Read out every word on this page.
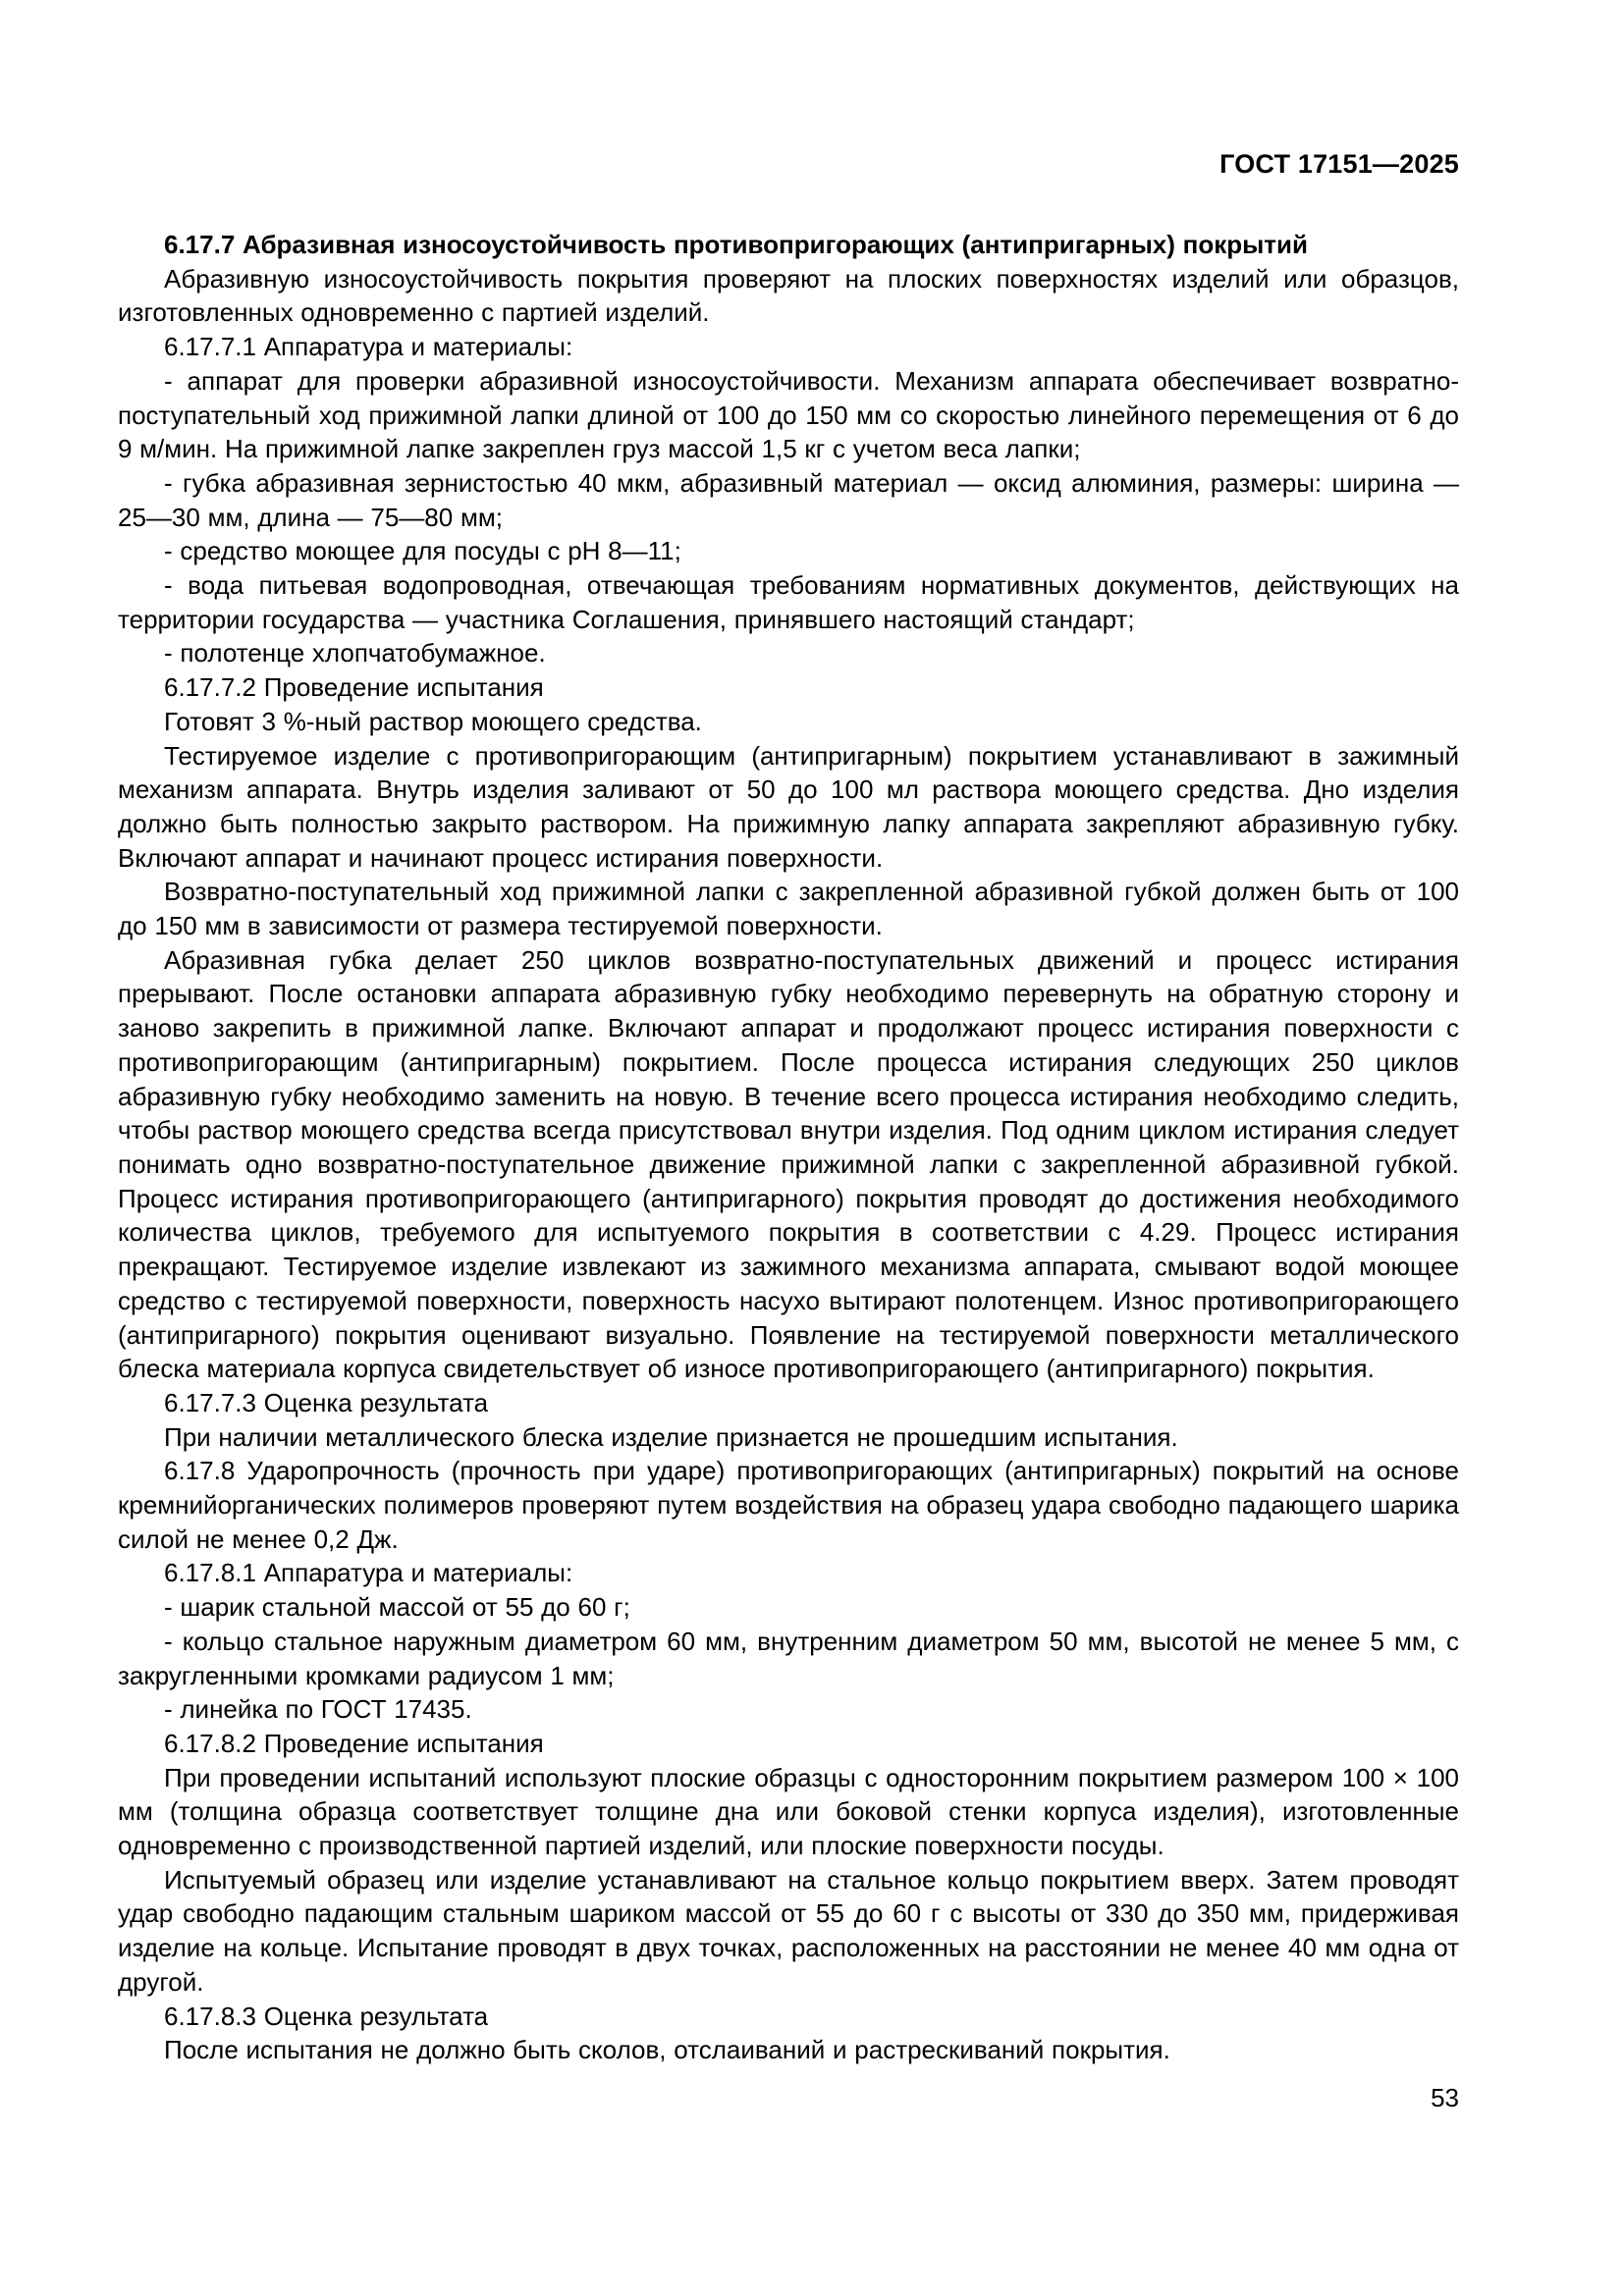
ГОСТ 17151—2025

6.17.7 Абразивная износоустойчивость противопригорающих (антипригарных) покрытий

Абразивную износоустойчивость покрытия проверяют на плоских поверхностях изделий или образцов, изготовленных одновременно с партией изделий.

6.17.7.1 Аппаратура и материалы:

- аппарат для проверки абразивной износоустойчивости. Механизм аппарата обеспечивает возвратно-поступательный ход прижимной лапки длиной от 100 до 150 мм со скоростью линейного перемещения от 6 до 9 м/мин. На прижимной лапке закреплен груз массой 1,5 кг с учетом веса лапки;

- губка абразивная зернистостью 40 мкм, абразивный материал — оксид алюминия, размеры: ширина — 25—30 мм, длина — 75—80 мм;

- средство моющее для посуды с pH 8—11;

- вода питьевая водопроводная, отвечающая требованиям нормативных документов, действующих на территории государства — участника Соглашения, принявшего настоящий стандарт;

- полотенце хлопчатобумажное.

6.17.7.2 Проведение испытания

Готовят 3 %-ный раствор моющего средства.

Тестируемое изделие с противопригорающим (антипригарным) покрытием устанавливают в зажимный механизм аппарата. Внутрь изделия заливают от 50 до 100 мл раствора моющего средства. Дно изделия должно быть полностью закрыто раствором. На прижимную лапку аппарата закрепляют абразивную губку. Включают аппарат и начинают процесс истирания поверхности.

Возвратно-поступательный ход прижимной лапки с закрепленной абразивной губкой должен быть от 100 до 150 мм в зависимости от размера тестируемой поверхности.

Абразивная губка делает 250 циклов возвратно-поступательных движений и процесс истирания прерывают. После остановки аппарата абразивную губку необходимо перевернуть на обратную сторону и заново закрепить в прижимной лапке. Включают аппарат и продолжают процесс истирания поверхности с противопригорающим (антипригарным) покрытием. После процесса истирания следующих 250 циклов абразивную губку необходимо заменить на новую. В течение всего процесса истирания необходимо следить, чтобы раствор моющего средства всегда присутствовал внутри изделия. Под одним циклом истирания следует понимать одно возвратно-поступательное движение прижимной лапки с закрепленной абразивной губкой. Процесс истирания противопригорающего (антипригарного) покрытия проводят до достижения необходимого количества циклов, требуемого для испытуемого покрытия в соответствии с 4.29. Процесс истирания прекращают. Тестируемое изделие извлекают из зажимного механизма аппарата, смывают водой моющее средство с тестируемой поверхности, поверхность насухо вытирают полотенцем. Износ противопригорающего (антипригарного) покрытия оценивают визуально. Появление на тестируемой поверхности металлического блеска материала корпуса свидетельствует об износе противопригорающего (антипригарного) покрытия.

6.17.7.3 Оценка результата

При наличии металлического блеска изделие признается не прошедшим испытания.

6.17.8 Ударопрочность (прочность при ударе) противопригорающих (антипригарных) покрытий на основе кремнийорганических полимеров проверяют путем воздействия на образец удара свободно падающего шарика силой не менее 0,2 Дж.

6.17.8.1 Аппаратура и материалы:

- шарик стальной массой от 55 до 60 г;

- кольцо стальное наружным диаметром 60 мм, внутренним диаметром 50 мм, высотой не менее 5 мм, с закругленными кромками радиусом 1 мм;

- линейка по ГОСТ 17435.

6.17.8.2 Проведение испытания

При проведении испытаний используют плоские образцы с односторонним покрытием размером 100 × 100 мм (толщина образца соответствует толщине дна или боковой стенки корпуса изделия), изготовленные одновременно с производственной партией изделий, или плоские поверхности посуды.

Испытуемый образец или изделие устанавливают на стальное кольцо покрытием вверх. Затем проводят удар свободно падающим стальным шариком массой от 55 до 60 г с высоты от 330 до 350 мм, придерживая изделие на кольце. Испытание проводят в двух точках, расположенных на расстоянии не менее 40 мм одна от другой.

6.17.8.3 Оценка результата

После испытания не должно быть сколов, отслаиваний и растрескиваний покрытия.

53
